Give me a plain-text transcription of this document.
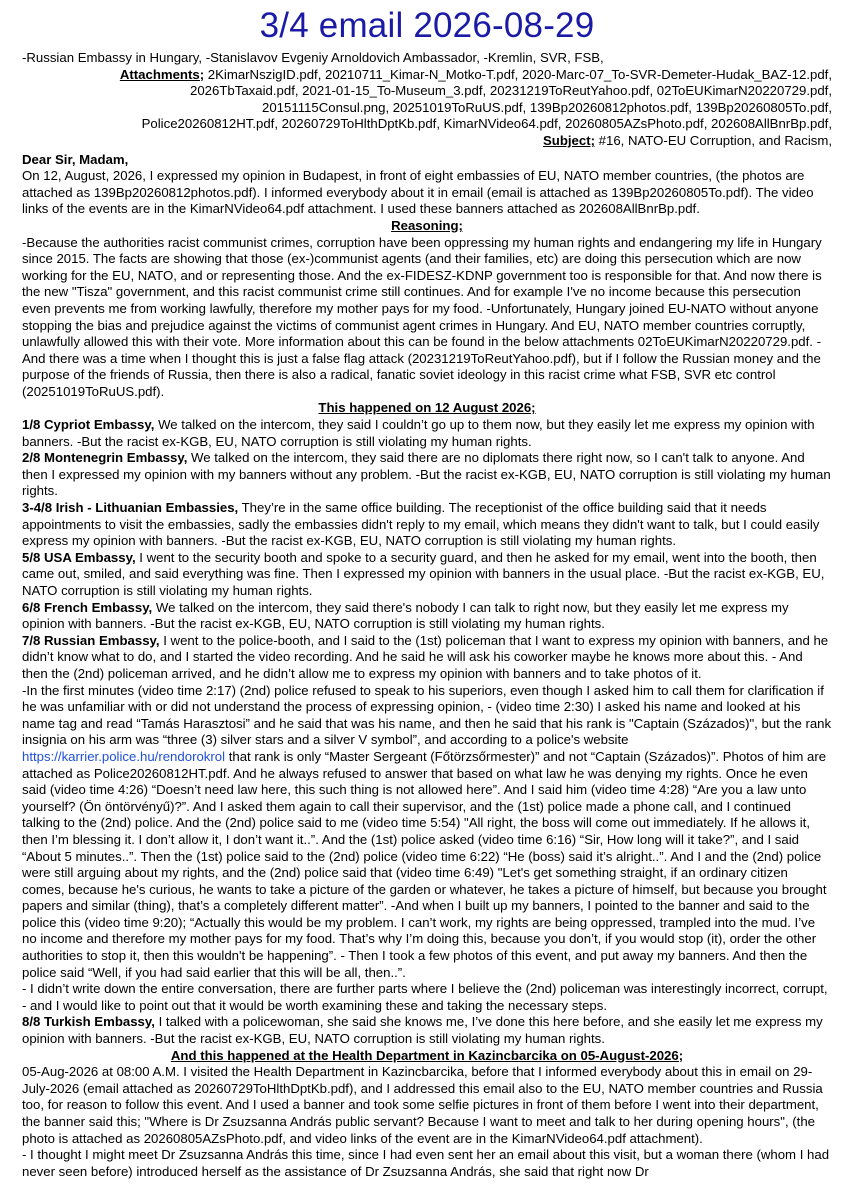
3/4 email 2026-08-29

-Russian Embassy in Hungary, -Stanislavov Evgeniy Arnoldovich Ambassador, -Kremlin, SVR, FSB,

Attachments; 2KimarNszigID.pdf, 20210711_Kimar-N_Motko-T.pdf, 2020-Marc-07_To-SVR-Demeter-Hudak_BAZ-12.pdf,
2026TbTaxaid.pdf, 2021-01-15_To-Museum_3.pdf, 20231219ToReutYahoo.pdf, 02ToEUKimarN20220729.pdf,
20151115Consul.png, 20251019ToRuUS.pdf, 139Bp20260812photos.pdf, 139Bp20260805To.pdf,
Police20260812HT.pdf, 20260729ToHlthDptKb.pdf, KimarNVideo64.pdf, 20260805AZsPhoto.pdf, 202608AllBnrBp.pdf,
Subject; #16, NATO-EU Corruption, and Racism,

Dear Sir, Madam,

On 12, August, 2026, I expressed my opinion in Budapest, in front of eight embassies of EU, NATO member countries, (the photos are attached as 139Bp20260812photos.pdf). I informed everybody about it in email (email is attached as 139Bp20260805To.pdf). The video links of the events are in the KimarNVideo64.pdf attachment. I used these banners attached as 202608AllBnrBp.pdf.

Reasoning;

-Because the authorities racist communist crimes, corruption have been oppressing my human rights and endangering my life in Hungary since 2015. The facts are showing that those (ex-)communist agents (and their families, etc) are doing this persecution which are now working for the EU, NATO, and or representing those. And the ex-FIDESZ-KDNP government too is responsible for that. And now there is the new "Tisza" government, and this racist communist crime still continues. And for example I've no income because this persecution even prevents me from working lawfully, therefore my mother pays for my food. -Unfortunately, Hungary joined EU-NATO without anyone stopping the bias and prejudice against the victims of communist agent crimes in Hungary. And EU, NATO member countries corruptly, unlawfully allowed this with their vote. More information about this can be found in the below attachments 02ToEUKimarN20220729.pdf. -And there was a time when I thought this is just a false flag attack (20231219ToReutYahoo.pdf), but if I follow the Russian money and the purpose of the friends of Russia, then there is also a radical, fanatic soviet ideology in this racist crime what FSB, SVR etc control (20251019ToRuUS.pdf).

This happened on 12 August 2026;

1/8 Cypriot Embassy, We talked on the intercom, they said I couldn’t go up to them now, but they easily let me express my opinion with banners. -But the racist ex-KGB, EU, NATO corruption is still violating my human rights.

2/8 Montenegrin Embassy, We talked on the intercom, they said there are no diplomats there right now, so I can't talk to anyone. And then I expressed my opinion with my banners without any problem. -But the racist ex-KGB, EU, NATO corruption is still violating my human rights.

3-4/8 Irish - Lithuanian Embassies, They’re in the same office building. The receptionist of the office building said that it needs appointments to visit the embassies, sadly the embassies didn't reply to my email, which means they didn't want to talk, but I could easily express my opinion with banners. -But the racist ex-KGB, EU, NATO corruption is still violating my human rights.

5/8 USA Embassy, I went to the security booth and spoke to a security guard, and then he asked for my email, went into the booth, then came out, smiled, and said everything was fine. Then I expressed my opinion with banners in the usual place. -But the racist ex-KGB, EU, NATO corruption is still violating my human rights.

6/8 French Embassy, We talked on the intercom, they said there's nobody I can talk to right now, but they easily let me express my opinion with banners. -But the racist ex-KGB, EU, NATO corruption is still violating my human rights.

7/8 Russian Embassy, I went to the police-booth, and I said to the (1st) policeman that I want to express my opinion with banners, and he didn’t know what to do, and I started the video recording. And he said he will ask his coworker maybe he knows more about this. - And then the (2nd) policeman arrived, and he didn’t allow me to express my opinion with banners and to take photos of it.

-In the first minutes (video time 2:17) (2nd) police refused to speak to his superiors, even though I asked him to call them for clarification if he was unfamiliar with or did not understand the process of expressing opinion, - (video time 2:30) I asked his name and looked at his name tag and read “Tamás Harasztosi” and he said that was his name, and then he said that his rank is "Captain (Százados)", but the rank insignia on his arm was “three (3) silver stars and a silver V symbol”, and according to a police's website https://karrier.police.hu/rendorokrol that rank is only “Master Sergeant (Főtörzsőrmester)” and not “Captain (Százados)”. Photos of him are attached as Police20260812HT.pdf. And he always refused to answer that based on what law he was denying my rights. Once he even said (video time 4:26) “Doesn’t need law here, this such thing is not allowed here”. And I said him (video time 4:28) “Are you a law unto yourself? (Ön öntörvényű)?”. And I asked them again to call their supervisor, and the (1st) police made a phone call, and I continued talking to the (2nd) police. And the (2nd) police said to me (video time 5:54) "All right, the boss will come out immediately. If he allows it, then I’m blessing it. I don’t allow it, I don’t want it..”. And the (1st) police asked (video time 6:16) “Sir, How long will it take?”, and I said “About 5 minutes..”. Then the (1st) police said to the (2nd) police (video time 6:22) “He (boss) said it’s alright..”. And I and the (2nd) police were still arguing about my rights, and the (2nd) police said that (video time 6:49) "Let's get something straight, if an ordinary citizen comes, because he's curious, he wants to take a picture of the garden or whatever, he takes a picture of himself, but because you brought papers and similar (thing), that’s a completely different matter”. -And when I built up my banners, I pointed to the banner and said to the police this (video time 9:20); “Actually this would be my problem. I can’t work, my rights are being oppressed, trampled into the mud. I’ve no income and therefore my mother pays for my food. That’s why I’m doing this, because you don’t, if you would stop (it), order the other authorities to stop it, then this wouldn't be happening”. - Then I took a few photos of this event, and put away my banners. And then the police said “Well, if you had said earlier that this will be all, then..”.

- I didn’t write down the entire conversation, there are further parts where I believe the (2nd) policeman was interestingly incorrect, corrupt, - and I would like to point out that it would be worth examining these and taking the necessary steps.

8/8 Turkish Embassy, I talked with a policewoman, she said she knows me, I’ve done this here before, and she easily let me express my opinion with banners. -But the racist ex-KGB, EU, NATO corruption is still violating my human rights.

And this happened at the Health Department in Kazincbarcika on 05-August-2026;

05-Aug-2026 at 08:00 A.M. I visited the Health Department in Kazincbarcika, before that I informed everybody about this in email on 29-July-2026 (email attached as 20260729ToHlthDptKb.pdf), and I addressed this email also to the EU, NATO member countries and Russia too, for reason to follow this event. And I used a banner and took some selfie pictures in front of them before I went into their department, the banner said this; "Where is Dr Zsuzsanna András public servant? Because I want to meet and talk to her during opening hours", (the photo is attached as 20260805AZsPhoto.pdf, and video links of the event are in the KimarNVideo64.pdf attachment).

- I thought I might meet Dr Zsuzsanna András this time, since I had even sent her an email about this visit, but a woman there (whom I had never seen before) introduced herself as the assistance of Dr Zsuzsanna András, she said that right now Dr
